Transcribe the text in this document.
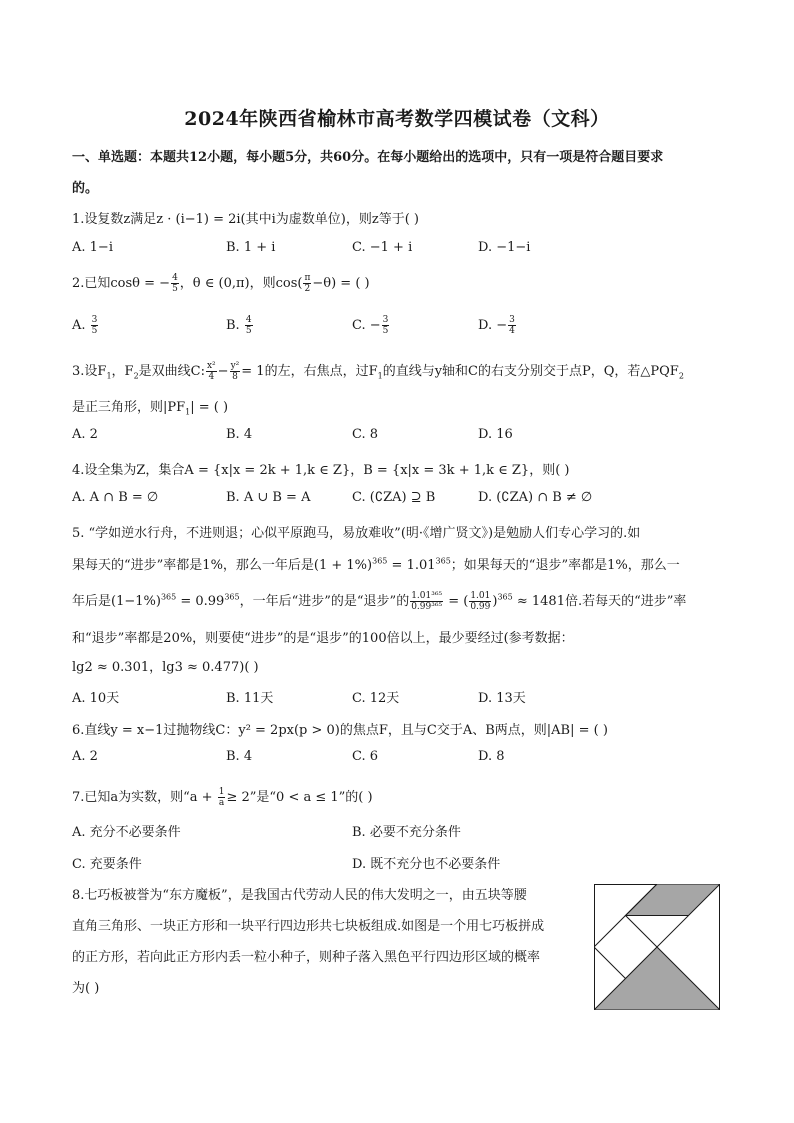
2024年陕西省榆林市高考数学四模试卷（文科）
一、单选题：本题共12小题，每小题5分，共60分。在每小题给出的选项中，只有一项是符合题目要求
的。
1.设复数z满足z · (i−1) = 2i(其中i为虚数单位)，则z等于( )
A. 1−i	B. 1 + i	C. −1 + i	D. −1−i
2.已知cosθ = − $\frac{4}{5}$ ，θ ∈ (0,π)，则$\cos( \frac{\pi}{2} -\theta)$ = ( )
A. $\frac{3}{5}$	B. $\frac{4}{5}$	C. − $\frac{3}{5}$	D. − $\frac{3}{4}$
3.设$F_1$，$F_2$是双曲线C: $\frac{\text{x²}}{4} - \frac{\text{y²}}{8} = 1$的左，右焦点，过$F_1$的直线与y轴和C的右支分别交于点P，Q，若$\triangle PQF_2$
是正三角形，则$|PF_1|$ = ( )
A. 2	B. 4	C. 8	D. 16
4.设全集为Z，集合A = {x|x = 2k + 1,k ∈ Z}，B = {x|x = 3k + 1,k ∈ Z}，则( )
A. A ∩ B = ∅	B. A ∪ B = A	C. (∁ZA) ⊇ B	D. (∁ZA) ∩ B ≠ ∅
5. “学如逆水行舟，不进则退；心似平原跑马，易放难收”(明·《增广贤文》)是勉励人们专心学习的.如
果每天的“进步”率都是1%，那么一年后是$(1 + 1\%)^{365} = 1.01^{365}$；如果每天的“退步”率都是1%，那么一
年后是$(1-1\%)^{365} = 0.99^{365}$，一年后“进步”的是“退步”的 $\frac{\text{1.01³⁶⁵}}{\text{0.99³⁶⁵}}$ = ( $\frac{1.01}{0.99} )^{365} \approx 1481$倍.若每天的“进步”率
和“退步”率都是20%，则要使“进步”的是“退步”的100倍以上，最少要经过(参考数据：
lg2 ≈ 0.301，lg3 ≈ 0.477)( )
A. 10天	B. 11天	C. 12天	D. 13天
6.直线y = x−1过抛物线C：y² = 2px(p > 0)的焦点F，且与C交于A、B两点，则|AB| = ( )
A. 2	B. 4	C. 6	D. 8
7.已知a为实数，则“$a + \frac{1}{a} \ge 2$”是“0 < a ≤ 1”的( )
A. 充分不必要条件	B. 必要不充分条件
C. 充要条件	D. 既不充分也不必要条件
8.七巧板被誉为“东方魔板”，是我国古代劳动人民的伟大发明之一，由五块等腰
直角三角形、一块正方形和一块平行四边形共七块板组成.如图是一个用七巧板拼成
的正方形，若向此正方形内丢一粒小种子，则种子落入黑色平行四边形区域的概率
为( )
